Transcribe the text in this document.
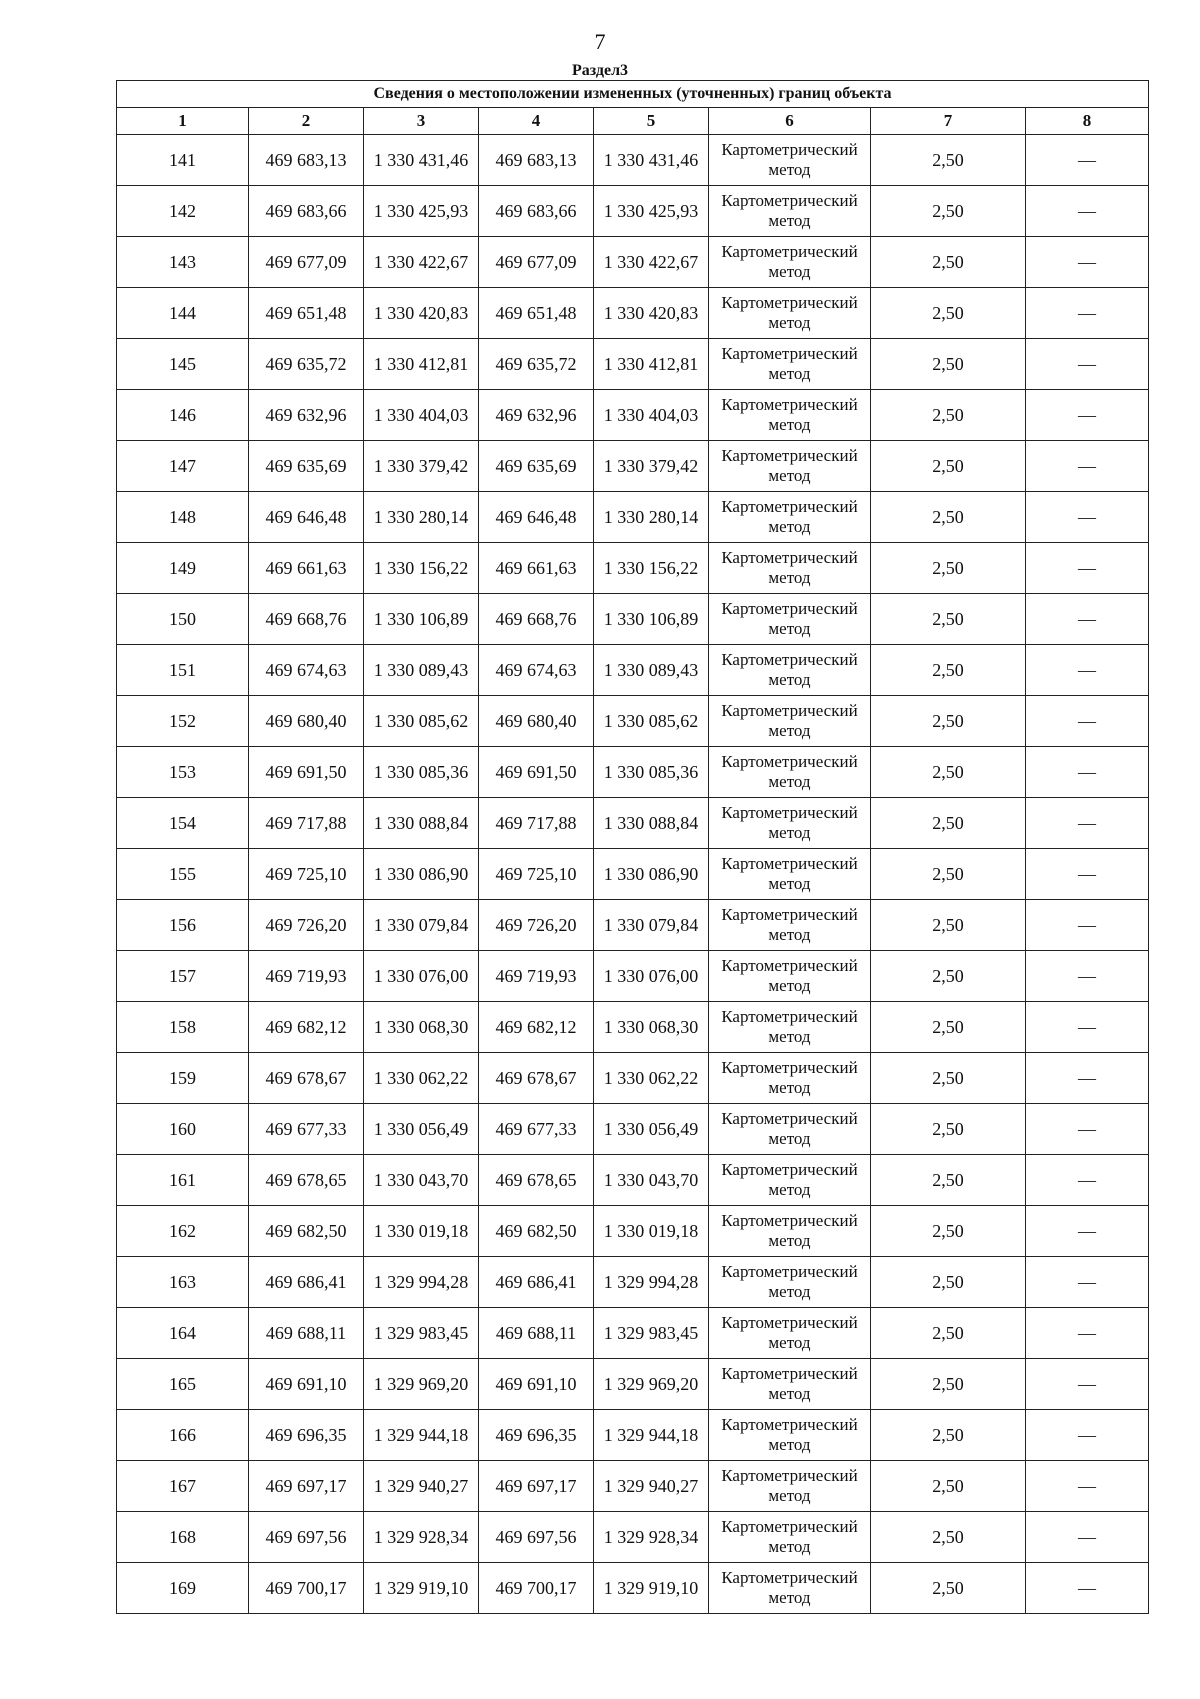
7
Раздел3
Сведения о местоположении измененных (уточненных) границ объекта							
1	2	3	4	5	6	7	8
141	469 683,13	1 330 431,46	469 683,13	1 330 431,46	Картометрический метод	2,50	—
142	469 683,66	1 330 425,93	469 683,66	1 330 425,93	Картометрический метод	2,50	—
143	469 677,09	1 330 422,67	469 677,09	1 330 422,67	Картометрический метод	2,50	—
144	469 651,48	1 330 420,83	469 651,48	1 330 420,83	Картометрический метод	2,50	—
145	469 635,72	1 330 412,81	469 635,72	1 330 412,81	Картометрический метод	2,50	—
146	469 632,96	1 330 404,03	469 632,96	1 330 404,03	Картометрический метод	2,50	—
147	469 635,69	1 330 379,42	469 635,69	1 330 379,42	Картометрический метод	2,50	—
148	469 646,48	1 330 280,14	469 646,48	1 330 280,14	Картометрический метод	2,50	—
149	469 661,63	1 330 156,22	469 661,63	1 330 156,22	Картометрический метод	2,50	—
150	469 668,76	1 330 106,89	469 668,76	1 330 106,89	Картометрический метод	2,50	—
151	469 674,63	1 330 089,43	469 674,63	1 330 089,43	Картометрический метод	2,50	—
152	469 680,40	1 330 085,62	469 680,40	1 330 085,62	Картометрический метод	2,50	—
153	469 691,50	1 330 085,36	469 691,50	1 330 085,36	Картометрический метод	2,50	—
154	469 717,88	1 330 088,84	469 717,88	1 330 088,84	Картометрический метод	2,50	—
155	469 725,10	1 330 086,90	469 725,10	1 330 086,90	Картометрический метод	2,50	—
156	469 726,20	1 330 079,84	469 726,20	1 330 079,84	Картометрический метод	2,50	—
157	469 719,93	1 330 076,00	469 719,93	1 330 076,00	Картометрический метод	2,50	—
158	469 682,12	1 330 068,30	469 682,12	1 330 068,30	Картометрический метод	2,50	—
159	469 678,67	1 330 062,22	469 678,67	1 330 062,22	Картометрический метод	2,50	—
160	469 677,33	1 330 056,49	469 677,33	1 330 056,49	Картометрический метод	2,50	—
161	469 678,65	1 330 043,70	469 678,65	1 330 043,70	Картометрический метод	2,50	—
162	469 682,50	1 330 019,18	469 682,50	1 330 019,18	Картометрический метод	2,50	—
163	469 686,41	1 329 994,28	469 686,41	1 329 994,28	Картометрический метод	2,50	—
164	469 688,11	1 329 983,45	469 688,11	1 329 983,45	Картометрический метод	2,50	—
165	469 691,10	1 329 969,20	469 691,10	1 329 969,20	Картометрический метод	2,50	—
166	469 696,35	1 329 944,18	469 696,35	1 329 944,18	Картометрический метод	2,50	—
167	469 697,17	1 329 940,27	469 697,17	1 329 940,27	Картометрический метод	2,50	—
168	469 697,56	1 329 928,34	469 697,56	1 329 928,34	Картометрический метод	2,50	—
169	469 700,17	1 329 919,10	469 700,17	1 329 919,10	Картометрический метод	2,50	—
